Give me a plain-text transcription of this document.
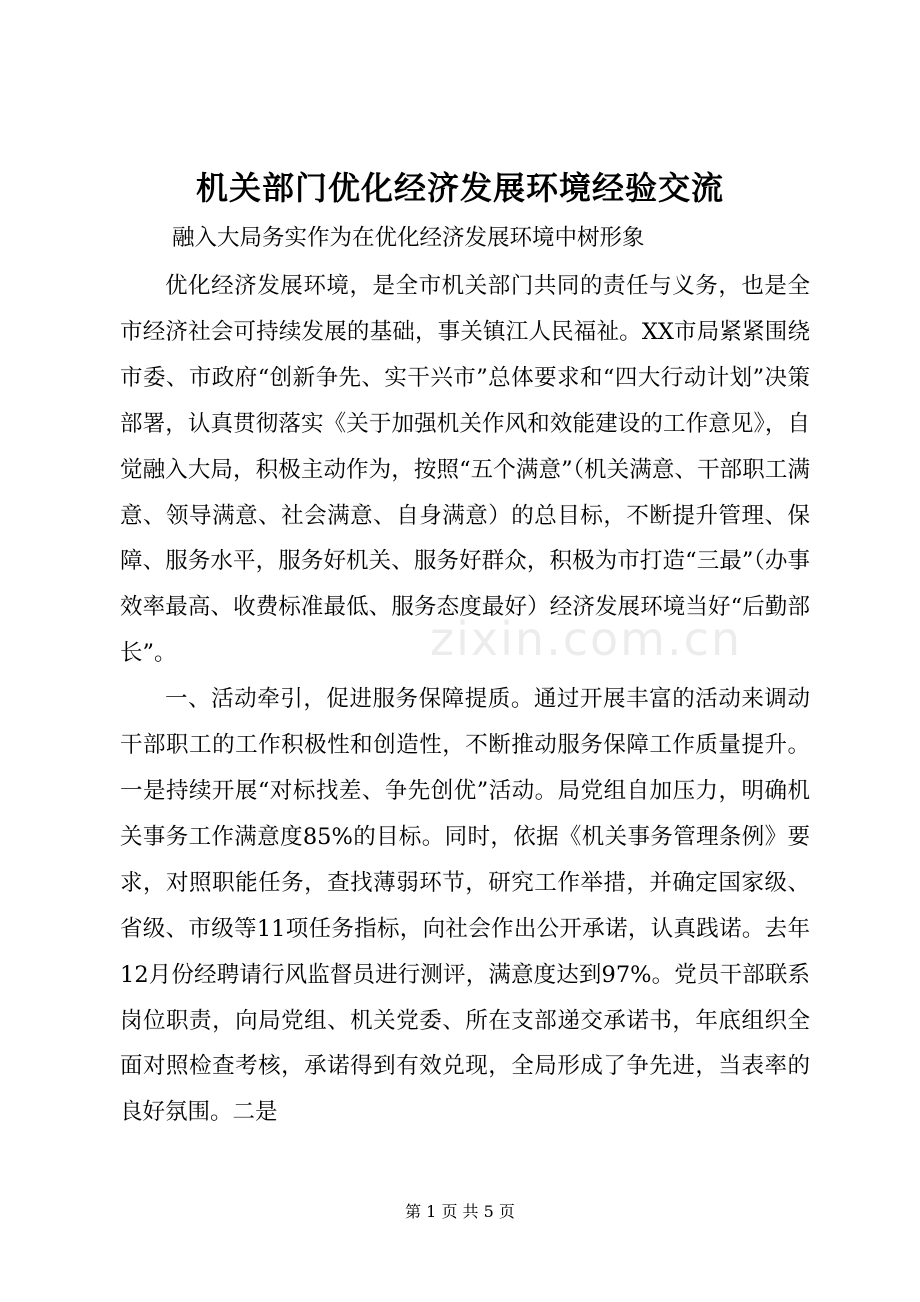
机关部门优化经济发展环境经验交流
融入大局务实作为在优化经济发展环境中树形象

优化经济发展环境，是全市机关部门共同的责任与义务，也是全市经济社会可持续发展的基础，事关镇江人民福祉。XX市局紧紧围绕市委、市政府“创新争先、实干兴市”总体要求和“四大行动计划”决策部署，认真贯彻落实《关于加强机关作风和效能建设的工作意见》，自觉融入大局，积极主动作为，按照“五个满意”（机关满意、干部职工满意、领导满意、社会满意、自身满意）的总目标，不断提升管理、保障、服务水平，服务好机关、服务好群众，积极为市打造“三最”（办事效率最高、收费标准最低、服务态度最好）经济发展环境当好“后勤部长”。

一、活动牵引，促进服务保障提质。通过开展丰富的活动来调动干部职工的工作积极性和创造性，不断推动服务保障工作质量提升。一是持续开展“对标找差、争先创优”活动。局党组自加压力，明确机关事务工作满意度85%的目标。同时，依据《机关事务管理条例》要求，对照职能任务，查找薄弱环节，研究工作举措，并确定国家级、省级、市级等11项任务指标，向社会作出公开承诺，认真践诺。去年12月份经聘请行风监督员进行测评，满意度达到97%。党员干部联系岗位职责，向局党组、机关党委、所在支部递交承诺书，年底组织全面对照检查考核，承诺得到有效兑现，全局形成了争先进，当表率的良好氛围。二是

zixin.com.cn
第 1 页 共 5 页
